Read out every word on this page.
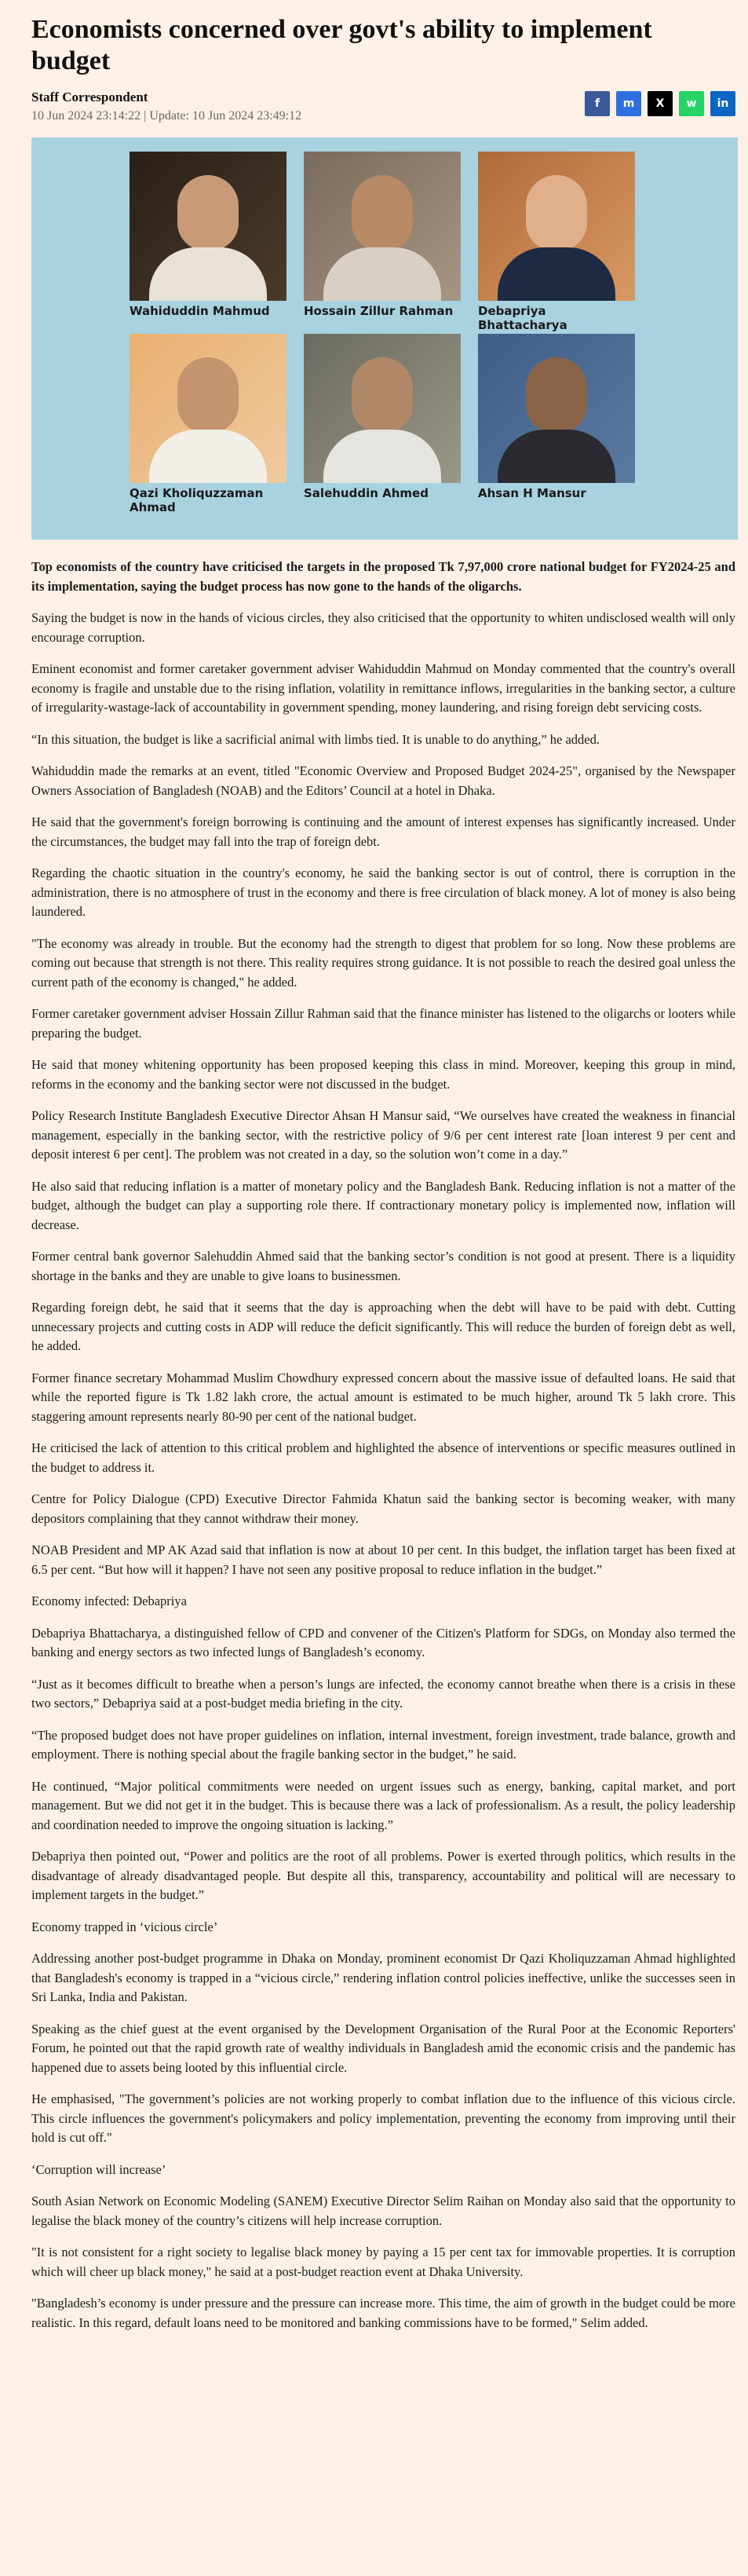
Economists concerned over govt's ability to implement budget
Staff Correspondent
10 Jun 2024 23:14:22 | Update: 10 Jun 2024 23:49:12
f	m	X	w	in
Wahiduddin Mahmud	Hossain Zillur Rahman	Debapriya Bhattacharya
Qazi Kholiquzzaman Ahmad
Salehuddin Ahmed	Ahsan H Mansur

Top economists of the country have criticised the targets in the proposed Tk 7,97,000 crore national budget for FY2024-25 and its implementation, saying the budget process has now gone to the hands of the oligarchs.

Saying the budget is now in the hands of vicious circles, they also criticised that the opportunity to whiten undisclosed wealth will only encourage corruption.

Eminent economist and former caretaker government adviser Wahiduddin Mahmud on Monday commented that the country's overall economy is fragile and unstable due to the rising inflation, volatility in remittance inflows, irregularities in the banking sector, a culture of irregularity-wastage-lack of accountability in government spending, money laundering, and rising foreign debt servicing costs.

“In this situation, the budget is like a sacrificial animal with limbs tied. It is unable to do anything,” he added.

Wahiduddin made the remarks at an event, titled "Economic Overview and Proposed Budget 2024-25", organised by the Newspaper Owners Association of Bangladesh (NOAB) and the Editors’ Council at a hotel in Dhaka.

He said that the government's foreign borrowing is continuing and the amount of interest expenses has significantly increased. Under the circumstances, the budget may fall into the trap of foreign debt.

Regarding the chaotic situation in the country's economy, he said the banking sector is out of control, there is corruption in the administration, there is no atmosphere of trust in the economy and there is free circulation of black money. A lot of money is also being laundered.

"The economy was already in trouble. But the economy had the strength to digest that problem for so long. Now these problems are coming out because that strength is not there. This reality requires strong guidance. It is not possible to reach the desired goal unless the current path of the economy is changed," he added.

Former caretaker government adviser Hossain Zillur Rahman said that the finance minister has listened to the oligarchs or looters while preparing the budget.

He said that money whitening opportunity has been proposed keeping this class in mind. Moreover, keeping this group in mind, reforms in the economy and the banking sector were not discussed in the budget.

Policy Research Institute Bangladesh Executive Director Ahsan H Mansur said, “We ourselves have created the weakness in financial management, especially in the banking sector, with the restrictive policy of 9/6 per cent interest rate [loan interest 9 per cent and deposit interest 6 per cent]. The problem was not created in a day, so the solution won’t come in a day.”

He also said that reducing inflation is a matter of monetary policy and the Bangladesh Bank. Reducing inflation is not a matter of the budget, although the budget can play a supporting role there. If contractionary monetary policy is implemented now, inflation will decrease.

Former central bank governor Salehuddin Ahmed said that the banking sector’s condition is not good at present. There is a liquidity shortage in the banks and they are unable to give loans to businessmen.

Regarding foreign debt, he said that it seems that the day is approaching when the debt will have to be paid with debt. Cutting unnecessary projects and cutting costs in ADP will reduce the deficit significantly. This will reduce the burden of foreign debt as well, he added.

Former finance secretary Mohammad Muslim Chowdhury expressed concern about the massive issue of defaulted loans. He said that while the reported figure is Tk 1.82 lakh crore, the actual amount is estimated to be much higher, around Tk 5 lakh crore. This staggering amount represents nearly 80-90 per cent of the national budget.

He criticised the lack of attention to this critical problem and highlighted the absence of interventions or specific measures outlined in the budget to address it.

Centre for Policy Dialogue (CPD) Executive Director Fahmida Khatun said the banking sector is becoming weaker, with many depositors complaining that they cannot withdraw their money.

NOAB President and MP AK Azad said that inflation is now at about 10 per cent. In this budget, the inflation target has been fixed at 6.5 per cent. “But how will it happen? I have not seen any positive proposal to reduce inflation in the budget.”

Economy infected: Debapriya

Debapriya Bhattacharya, a distinguished fellow of CPD and convener of the Citizen's Platform for SDGs, on Monday also termed the banking and energy sectors as two infected lungs of Bangladesh’s economy.

“Just as it becomes difficult to breathe when a person’s lungs are infected, the economy cannot breathe when there is a crisis in these two sectors,” Debapriya said at a post-budget media briefing in the city.

“The proposed budget does not have proper guidelines on inflation, internal investment, foreign investment, trade balance, growth and employment. There is nothing special about the fragile banking sector in the budget,” he said.

He continued, “Major political commitments were needed on urgent issues such as energy, banking, capital market, and port management. But we did not get it in the budget. This is because there was a lack of professionalism. As a result, the policy leadership and coordination needed to improve the ongoing situation is lacking.”

Debapriya then pointed out, “Power and politics are the root of all problems. Power is exerted through politics, which results in the disadvantage of already disadvantaged people. But despite all this, transparency, accountability and political will are necessary to implement targets in the budget.”

Economy trapped in ‘vicious circle’

Addressing another post-budget programme in Dhaka on Monday, prominent economist Dr Qazi Kholiquzzaman Ahmad highlighted that Bangladesh's economy is trapped in a “vicious circle,” rendering inflation control policies ineffective, unlike the successes seen in Sri Lanka, India and Pakistan.

Speaking as the chief guest at the event organised by the Development Organisation of the Rural Poor at the Economic Reporters' Forum, he pointed out that the rapid growth rate of wealthy individuals in Bangladesh amid the economic crisis and the pandemic has happened due to assets being looted by this influential circle.

He emphasised, "The government’s policies are not working properly to combat inflation due to the influence of this vicious circle. This circle influences the government's policymakers and policy implementation, preventing the economy from improving until their hold is cut off."

‘Corruption will increase’

South Asian Network on Economic Modeling (SANEM) Executive Director Selim Raihan on Monday also said that the opportunity to legalise the black money of the country’s citizens will help increase corruption.

"It is not consistent for a right society to legalise black money by paying a 15 per cent tax for immovable properties. It is corruption which will cheer up black money," he said at a post-budget reaction event at Dhaka University.

"Bangladesh’s economy is under pressure and the pressure can increase more. This time, the aim of growth in the budget could be more realistic. In this regard, default loans need to be monitored and banking commissions have to be formed," Selim added.
